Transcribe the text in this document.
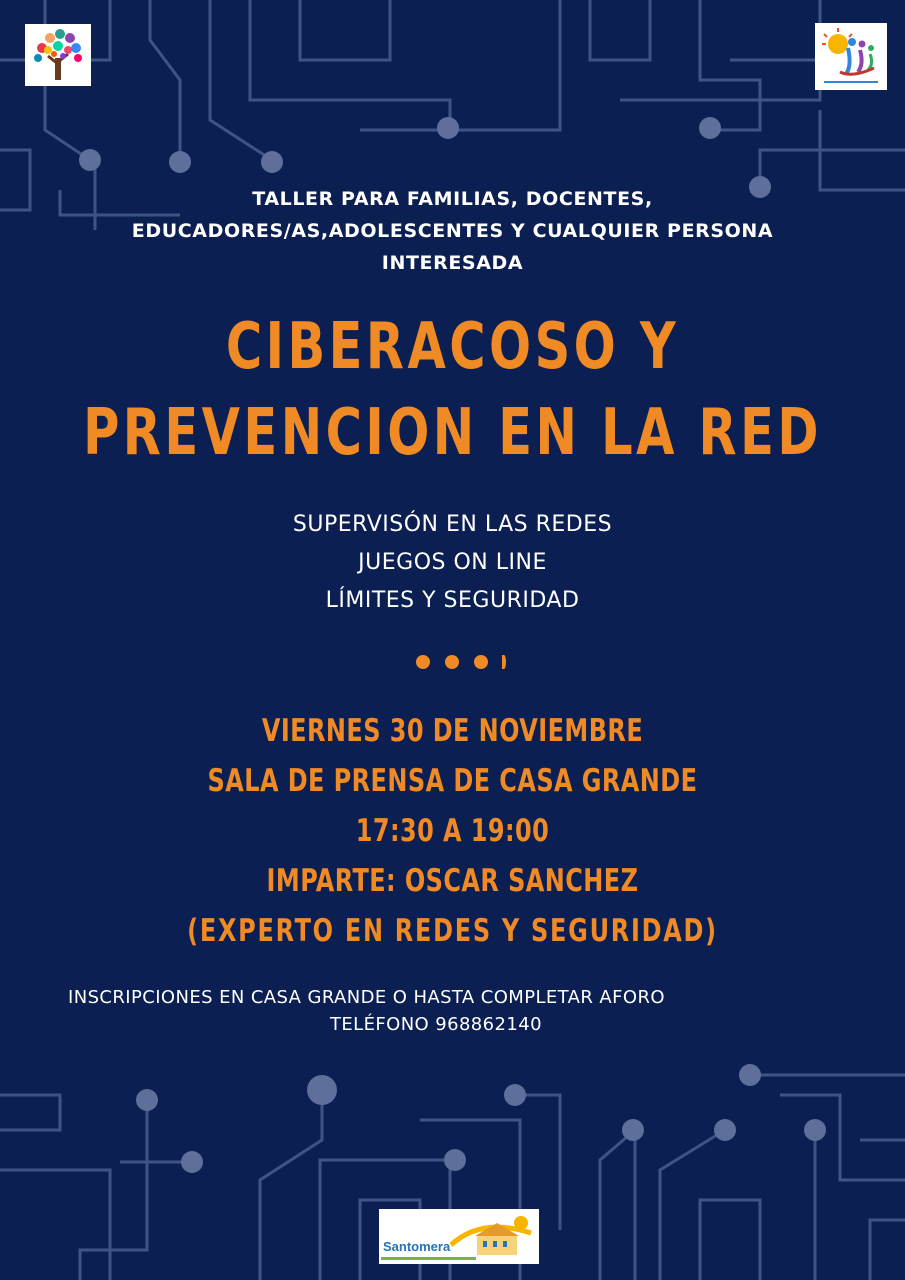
TALLER PARA FAMILIAS, DOCENTES,
EDUCADORES/AS,ADOLESCENTES Y CUALQUIER PERSONA
INTERESADA
CIBERACOSO Y
PREVENCION EN LA RED
SUPERVISÓN EN LAS REDES
JUEGOS ON LINE
LÍMITES Y SEGURIDAD
VIERNES 30 DE NOVIEMBRE
SALA DE PRENSA DE CASA GRANDE
17:30 A 19:00
IMPARTE: OSCAR SANCHEZ
(EXPERTO EN REDES Y SEGURIDAD)
INSCRIPCIONES EN CASA GRANDE O HASTA COMPLETAR AFORO
TELÉFONO 968862140
Santomera
